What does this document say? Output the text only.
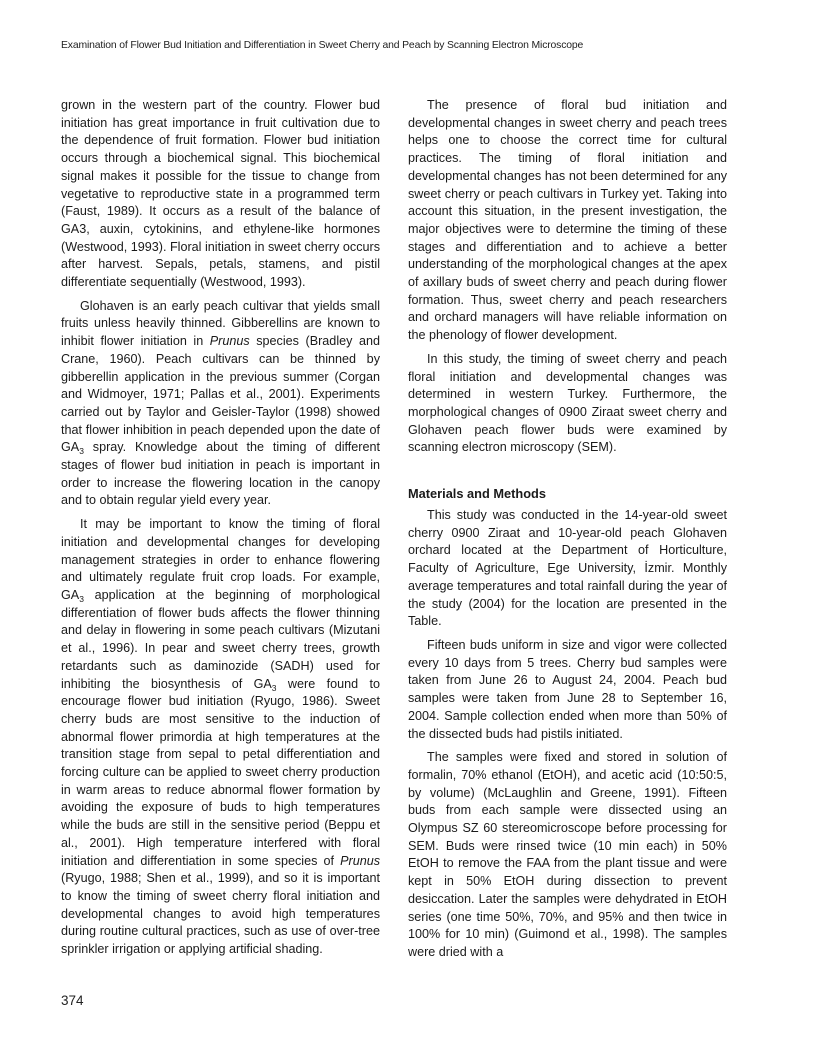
Examination of Flower Bud Initiation and Differentiation in Sweet Cherry and Peach by Scanning Electron Microscope

grown in the western part of the country. Flower bud initiation has great importance in fruit cultivation due to the dependence of fruit formation. Flower bud initiation occurs through a biochemical signal. This biochemical signal makes it possible for the tissue to change from vegetative to reproductive state in a programmed term (Faust, 1989). It occurs as a result of the balance of GA3, auxin, cytokinins, and ethylene-like hormones (Westwood, 1993). Floral initiation in sweet cherry occurs after harvest. Sepals, petals, stamens, and pistil differentiate sequentially (Westwood, 1993).

Glohaven is an early peach cultivar that yields small fruits unless heavily thinned. Gibberellins are known to inhibit flower initiation in Prunus species (Bradley and Crane, 1960). Peach cultivars can be thinned by gibberellin application in the previous summer (Corgan and Widmoyer, 1971; Pallas et al., 2001). Experiments carried out by Taylor and Geisler-Taylor (1998) showed that flower inhibition in peach depended upon the date of $GA_3$ spray. Knowledge about the timing of different stages of flower bud initiation in peach is important in order to increase the flowering location in the canopy and to obtain regular yield every year.

It may be important to know the timing of floral initiation and developmental changes for developing management strategies in order to enhance flowering and ultimately regulate fruit crop loads. For example, $GA_3$ application at the beginning of morphological differentiation of flower buds affects the flower thinning and delay in flowering in some peach cultivars (Mizutani et al., 1996). In pear and sweet cherry trees, growth retardants such as daminozide (SADH) used for inhibiting the biosynthesis of $GA_3$ were found to encourage flower bud initiation (Ryugo, 1986). Sweet cherry buds are most sensitive to the induction of abnormal flower primordia at high temperatures at the transition stage from sepal to petal differentiation and forcing culture can be applied to sweet cherry production in warm areas to reduce abnormal flower formation by avoiding the exposure of buds to high temperatures while the buds are still in the sensitive period (Beppu et al., 2001). High temperature interfered with floral initiation and differentiation in some species of Prunus (Ryugo, 1988; Shen et al., 1999), and so it is important to know the timing of sweet cherry floral initiation and developmental changes to avoid high temperatures during routine cultural practices, such as use of over-tree sprinkler irrigation or applying artificial shading.

The presence of floral bud initiation and developmental changes in sweet cherry and peach trees helps one to choose the correct time for cultural practices. The timing of floral initiation and developmental changes has not been determined for any sweet cherry or peach cultivars in Turkey yet. Taking into account this situation, in the present investigation, the major objectives were to determine the timing of these stages and differentiation and to achieve a better understanding of the morphological changes at the apex of axillary buds of sweet cherry and peach during flower formation. Thus, sweet cherry and peach researchers and orchard managers will have reliable information on the phenology of flower development.

In this study, the timing of sweet cherry and peach floral initiation and developmental changes was determined in western Turkey. Furthermore, the morphological changes of 0900 Ziraat sweet cherry and Glohaven peach flower buds were examined by scanning electron microscopy (SEM).

Materials and Methods

This study was conducted in the 14-year-old sweet cherry 0900 Ziraat and 10-year-old peach Glohaven orchard located at the Department of Horticulture, Faculty of Agriculture, Ege University, İzmir. Monthly average temperatures and total rainfall during the year of the study (2004) for the location are presented in the Table.

Fifteen buds uniform in size and vigor were collected every 10 days from 5 trees. Cherry bud samples were taken from June 26 to August 24, 2004. Peach bud samples were taken from June 28 to September 16, 2004. Sample collection ended when more than 50% of the dissected buds had pistils initiated.

The samples were fixed and stored in solution of formalin, 70% ethanol (EtOH), and acetic acid (10:50:5, by volume) (McLaughlin and Greene, 1991). Fifteen buds from each sample were dissected using an Olympus SZ 60 stereomicroscope before processing for SEM. Buds were rinsed twice (10 min each) in 50% EtOH to remove the FAA from the plant tissue and were kept in 50% EtOH during dissection to prevent desiccation. Later the samples were dehydrated in EtOH series (one time 50%, 70%, and 95% and then twice in 100% for 10 min) (Guimond et al., 1998). The samples were dried with a

374
